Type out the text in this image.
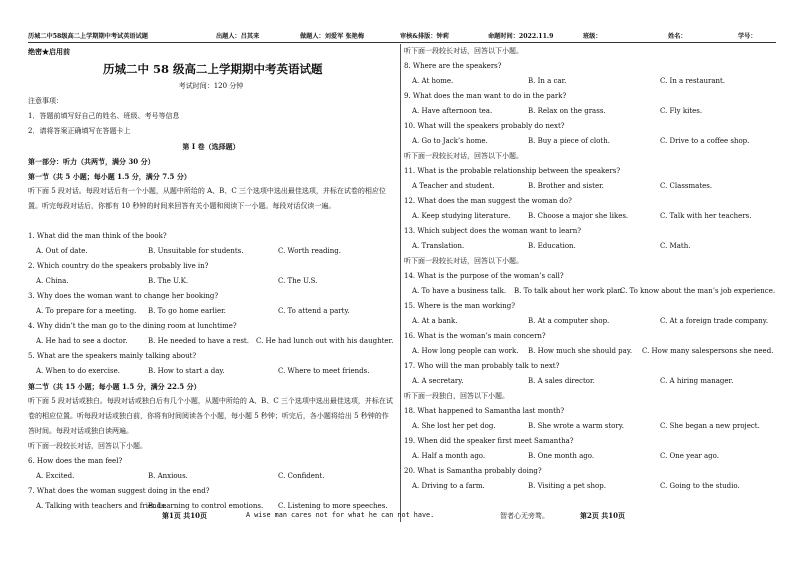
历城二中58级高二上学期期中考试英语试题	出题人：吕其来	做题人：刘爱军 张艳梅	审核&排版：钟莉	命题时间：2022.11.9	班级：	姓名：	学号：
绝密★启用前
历城二中 58 级高二上学期期中考英语试题
考试时间：120 分钟
注意事项：
1．答题前填写好自己的姓名、班级、考号等信息
2．请将答案正确填写在答题卡上
第 I 卷（选择题）
第一部分：听力（共两节，满分 30 分）
第一节（共 5 小题；每小题 1.5 分，满分 7.5 分）
听下面 5 段对话。每段对话后有一个小题，从题中所给的 A、B、C 三个选项中选出最佳选项，并标在试卷的相应位置。听完每段对话后，你都有 10 秒钟的时间来回答有关小题和阅读下一小题。每段对话仅读一遍。
1. What did the man think of the book?
A. Out of date.	B. Unsuitable for students.	C. Worth reading.
2. Which country do the speakers probably live in?
A. China.	B. The U.K.	C. The U.S.
3. Why does the woman want to change her booking?
A. To prepare for a meeting. B. To go home earlier.	C. To attend a party.
4. Why didn’t the man go to the dining room at lunchtime?
A. He had to see a doctor.	B. He needed to have a rest. C. He had lunch out with his daughter.
5. What are the speakers mainly talking about?
A. When to do exercise.	B. How to start a day.	C. Where to meet friends.
第二节（共 15 小题；每小题 1.5 分，满分 22.5 分）
听下面 5 段对话或独白。每段对话或独白后有几个小题，从题中所给的 A、B、C 三个选项中选出最佳选项，并标在试卷的相应位置。听每段对话或独白前，你将有时间阅读各个小题，每小题 5 秒钟；听完后，各小题将给出 5 秒钟的作答时间。每段对话或独白读两遍。
听下面一段较长对话，回答以下小题。
6. How does the man feel?
A. Excited.	B. Anxious.	C. Confident.
7. What does the woman suggest doing in the end?
A. Talking with teachers and friends.
B. Learning to control emotions. C. Listening to more speeches.
听下面一段较长对话，回答以下小题。
8. Where are the speakers?
A. At home.	B. In a car.	C. In a restaurant.
9. What does the man want to do in the park?
A. Have afternoon tea.	B. Relax on the grass.	C. Fly kites.
10. What will the speakers probably do next?
A. Go to Jack’s home.	B. Buy a piece of cloth.	C. Drive to a coffee shop.
听下面一段较长对话，回答以下小题。
11. What is the probable relationship between the speakers?
A Teacher and student.	B. Brother and sister.	C. Classmates.
12. What does the man suggest the woman do?
A. Keep studying literature.	B. Choose a major she likes.	C. Talk with her teachers.
13. Which subject does the woman want to learn?
A. Translation.	B. Education.	C. Math.
听下面一段较长对话，回答以下小题。
14. What is the purpose of the woman’s call?
A. To have a business talk. B. To talk about her work plan.
C. To know about the man’s job experience.
15. Where is the man working?
A. At a bank.	B. At a computer shop.	C. At a foreign trade company.
16. What is the woman’s main concern?
A. How long people can work. B. How much she should pay. C. How many salespersons she need.
17. Who will the man probably talk to next?
A. A secretary.	B. A sales director.	C. A hiring manager.
听下面一段独白，回答以下小题。
18. What happened to Samantha last month?
A. She lost her pet dog.	B. She wrote a warm story.	C. She began a new project.
19. When did the speaker first meet Samantha?
A. Half a month ago.	B. One month ago.	C. One year ago.
20. What is Samantha probably doing?
A. Driving to a farm.	B. Visiting a pet shop.	C. Going to the studio.
第1页 共10页	A wise man cares not for what he can not have.	智者心无旁骛。	第2页 共10页
